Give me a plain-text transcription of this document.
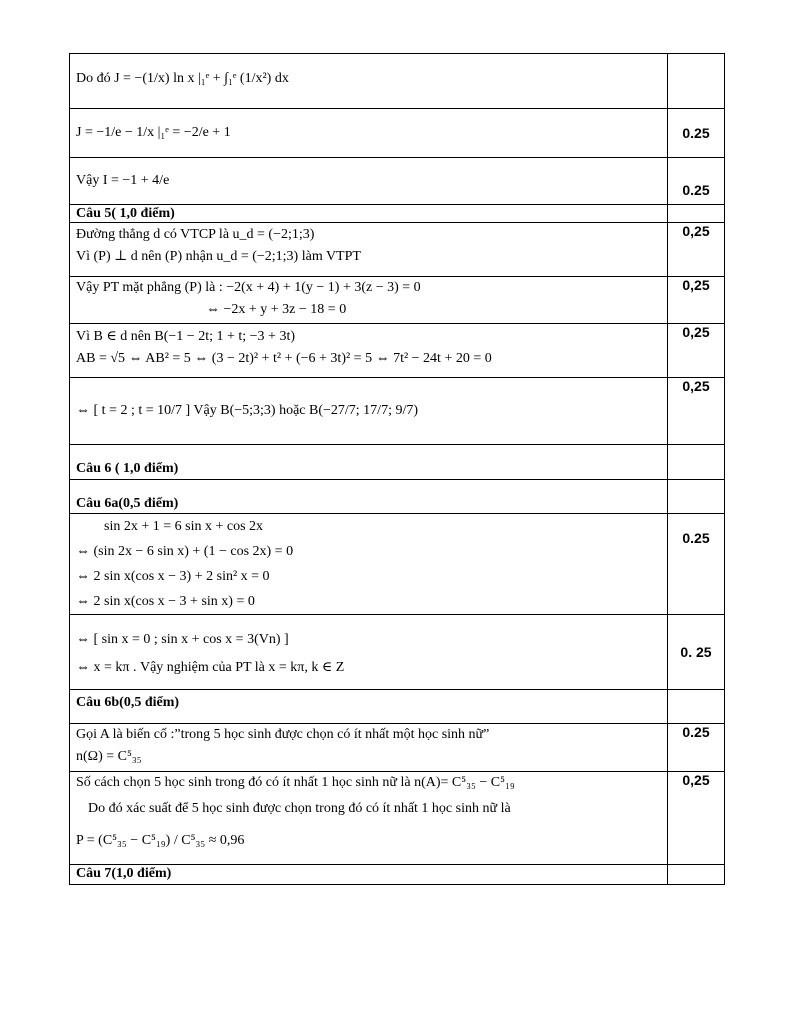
Do đó J = −(1/x) ln x |₁ᵉ + ∫₁ᵉ (1/x²) dx	

J = −1/e − 1/x |₁ᵉ = −2/e + 1	0.25

Vậy I = −1 + 4/e	0.25

Câu 5( 1,0 điểm)	

Đường thẳng d có VTCP là u_d = (−2;1;3)
Vì (P) ⊥ d nên (P) nhận u_d = (−2;1;3) làm VTPT	0,25

Vậy PT mặt phẳng (P) là : −2(x + 4) + 1(y − 1) + 3(z − 3) = 0
⇔ −2x + y + 3z − 18 = 0	0,25

Vì B ∈ d nên B(−1 − 2t; 1 + t; −3 + 3t)
AB = √5 ⇔ AB² = 5 ⇔ (3 − 2t)² + t² + (−6 + 3t)² = 5 ⇔ 7t² − 24t + 20 = 0	0,25

⇔ [ t = 2 ; t = 10/7 ] Vậy B(−5;3;3) hoặc B(−27/7; 17/7; 9/7)	0,25

Câu 6 ( 1,0 điểm)	

Câu 6a(0,5 điểm)	

sin 2x + 1 = 6 sin x + cos 2x
⇔ (sin 2x − 6 sin x) + (1 − cos 2x) = 0
⇔ 2 sin x(cos x − 3) + 2 sin² x = 0
⇔ 2 sin x(cos x − 3 + sin x) = 0	0.25

⇔ [ sin x = 0 ; sin x + cos x = 3(Vn) ]
⇔ x = kπ . Vậy nghiệm của PT là x = kπ, k ∈ Z	0. 25

Câu 6b(0,5 điểm)	

Gọi A là biến cố :”trong 5 học sinh được chọn có ít nhất một học sinh nữ”
n(Ω) = C⁵₃₅	0.25

Số cách chọn 5 học sinh trong đó có ít nhất 1 học sinh nữ là n(A)= C⁵₃₅ − C⁵₁₉
Do đó xác suất để 5 học sinh được chọn trong đó có ít nhất 1 học sinh nữ là
P = (C⁵₃₅ − C⁵₁₉) / C⁵₃₅ ≈ 0,96	0,25

Câu 7(1,0 điểm)	
